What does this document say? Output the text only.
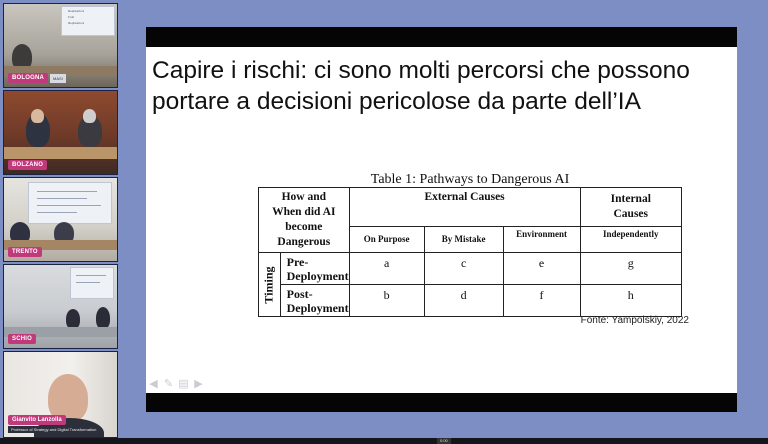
Replicazioni
Fruit
Replicazioni
BOLOGNA	MASI
BOLZANO
TRENTO
SCHIO
Gianvito Lanzolla
Professor of Strategy and Digital Transformation
Capire i rischi: ci sono molti percorsi che possono portare a decisioni pericolose da parte dell’IA
Table 1: Pathways to Dangerous AI
How and When did AI become Dangerous		External Causes			Internal Causes
		On Purpose	By Mistake	Environment	Independently

Timing	Pre-Deployment	a	c	e	g
	Post-Deployment	b	d	f	h
Fonte: Yampolskiy, 2022
◀ ✎ ▤ ▶
0:00
